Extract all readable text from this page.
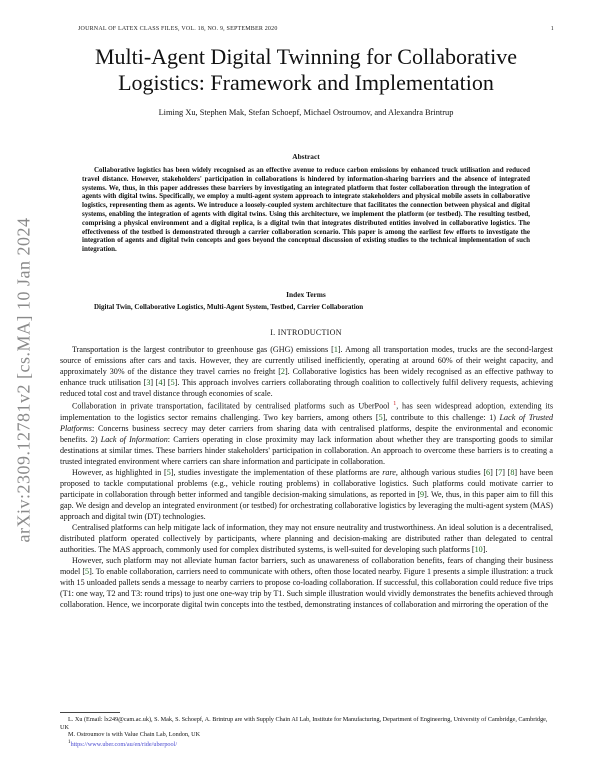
JOURNAL OF LATEX CLASS FILES, VOL. 18, NO. 9, SEPTEMBER 2020	1
arXiv:2309.12781v2 [cs.MA] 10 Jan 2024
Multi-Agent Digital Twinning for Collaborative
Logistics: Framework and Implementation
Liming Xu, Stephen Mak, Stefan Schoepf, Michael Ostroumov, and Alexandra Brintrup
Abstract
Collaborative logistics has been widely recognised as an effective avenue to reduce carbon emissions by enhanced truck utilisation and reduced travel distance. However, stakeholders' participation in collaborations is hindered by information-sharing barriers and the absence of integrated systems. We, thus, in this paper addresses these barriers by investigating an integrated platform that foster collaboration through the integration of agents with digital twins. Specifically, we employ a multi-agent system approach to integrate stakeholders and physical mobile assets in collaborative logistics, representing them as agents. We introduce a loosely-coupled system architecture that facilitates the connection between physical and digital systems, enabling the integration of agents with digital twins. Using this architecture, we implement the platform (or testbed). The resulting testbed, comprising a physical environment and a digital replica, is a digital twin that integrates distributed entities involved in collaborative logistics. The effectiveness of the testbed is demonstrated through a carrier collaboration scenario. This paper is among the earliest few efforts to investigate the integration of agents and digital twin concepts and goes beyond the conceptual discussion of existing studies to the technical implementation of such integration.
Index Terms
Digital Twin, Collaborative Logistics, Multi-Agent System, Testbed, Carrier Collaboration
I. INTRODUCTION

Transportation is the largest contributor to greenhouse gas (GHG) emissions [1]. Among all transportation modes, trucks are the second-largest source of emissions after cars and taxis. However, they are currently utilised inefficiently, operating at around 60% of their weight capacity, and approximately 30% of the distance they travel carries no freight [2]. Collaborative logistics has been widely recognised as an effective pathway to enhance truck utilisation [3] [4] [5]. This approach involves carriers collaborating through coalition to collectively fulfil delivery requests, achieving reduced total cost and travel distance through economies of scale.

Collaboration in private transportation, facilitated by centralised platforms such as UberPool $^1$, has seen widespread adoption, extending its implementation to the logistics sector remains challenging. Two key barriers, among others [5], contribute to this challenge: 1) Lack of Trusted Platforms: Concerns business secrecy may deter carriers from sharing data with centralised platforms, despite the environmental and economic benefits. 2) Lack of Information: Carriers operating in close proximity may lack information about whether they are transporting goods to similar destinations at similar times. These barriers hinder stakeholders' participation in collaboration. An approach to overcome these barriers is to creating a trusted integrated environment where carriers can share information and participate in collaboration.

However, as highlighted in [5], studies investigate the implementation of these platforms are rare, although various studies [6] [7] [8] have been proposed to tackle computational problems (e.g., vehicle routing problems) in collaborative logistics. Such platforms could motivate carrier to participate in collaboration through better informed and tangible decision-making simulations, as reported in [9]. We, thus, in this paper aim to fill this gap. We design and develop an integrated environment (or testbed) for orchestrating collaborative logistics by leveraging the multi-agent system (MAS) approach and digital twin (DT) technologies.

Centralised platforms can help mitigate lack of information, they may not ensure neutrality and trustworthiness. An ideal solution is a decentralised, distributed platform operated collectively by participants, where planning and decision-making are distributed rather than delegated to central authorities. The MAS approach, commonly used for complex distributed systems, is well-suited for developing such platforms [10].

However, such platform may not alleviate human factor barriers, such as unawareness of collaboration benefits, fears of changing their business model [5]. To enable collaboration, carriers need to communicate with others, often those located nearby. Figure 1 presents a simple illustration: a truck with 15 unloaded pallets sends a message to nearby carriers to propose co-loading collaboration. If successful, this collaboration could reduce five trips (T1: one way, T2 and T3: round trips) to just one one-way trip by T1. Such simple illustration would vividly demonstrates the benefits achieved through collaboration. Hence, we incorporate digital twin concepts into the testbed, demonstrating instances of collaboration and mirroring the operation of the

L. Xu (Email: lx249@cam.ac.uk), S. Mak, S. Schoepf, A. Brintrup are with Supply Chain AI Lab, Institute for Manufacturing, Department of Engineering, University of Cambridge, Cambridge, UK
M. Ostroumov is with Value Chain Lab, London, UK
$^1$https://www.uber.com/au/en/ride/uberpool/
